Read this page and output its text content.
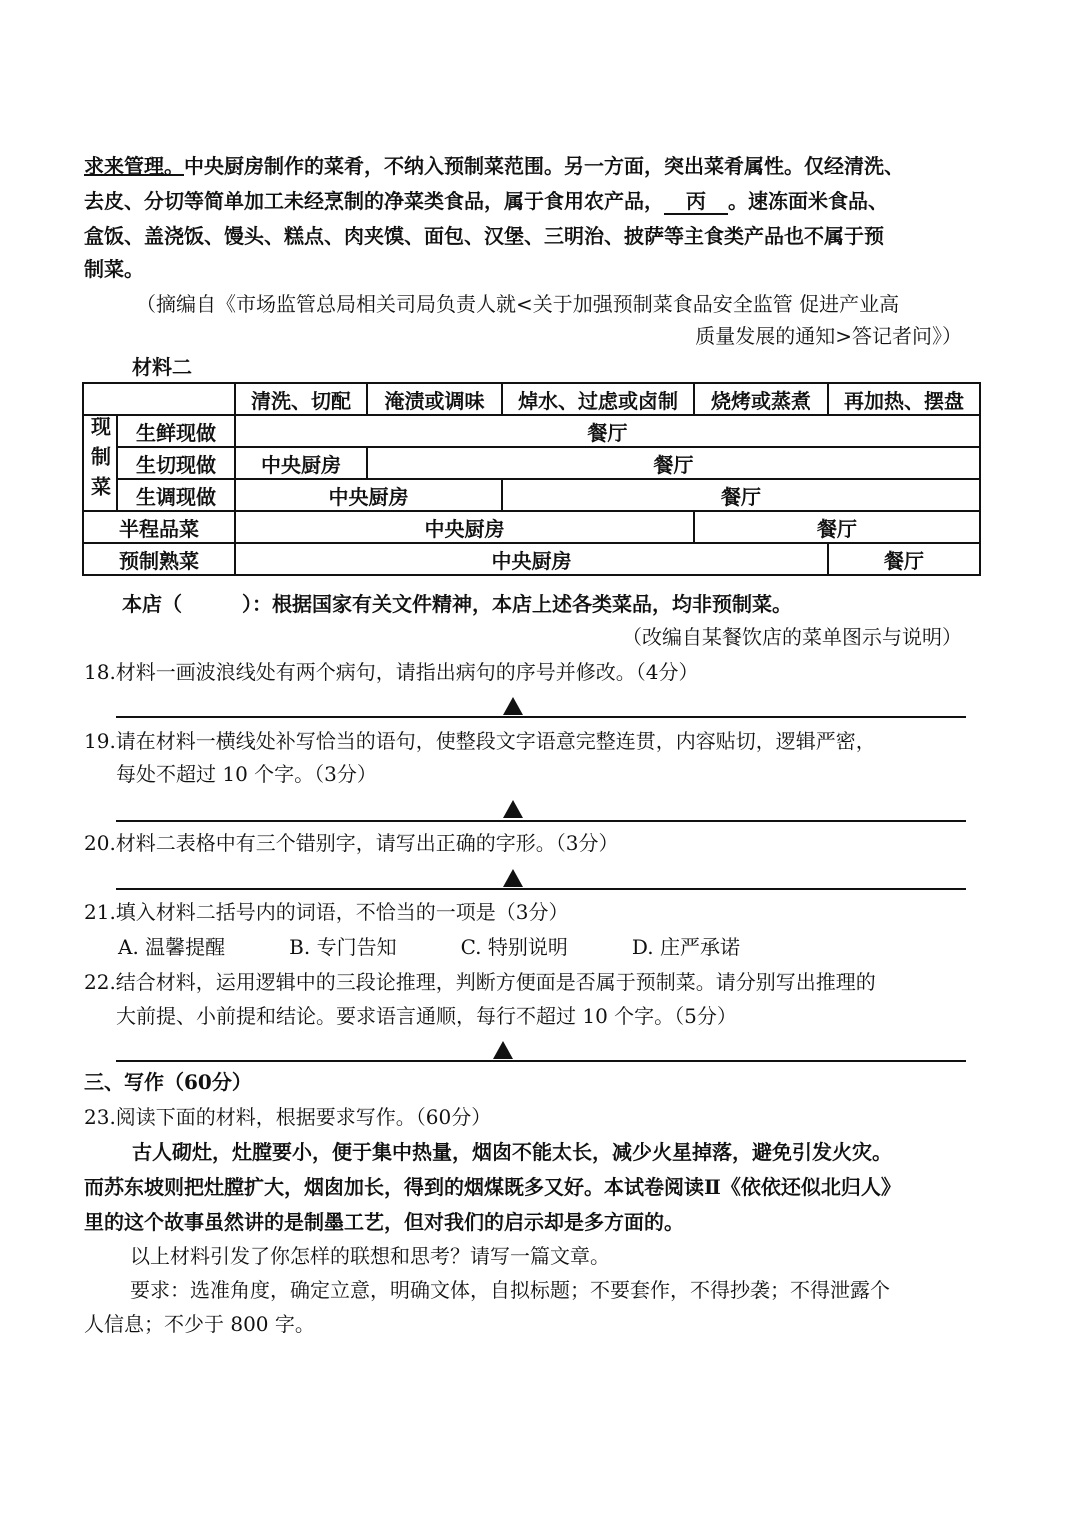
求来管理。中央厨房制作的菜肴，不纳入预制菜范围。另一方面，突出菜肴属性。仅经清洗、
去皮、分切等简单加工未经烹制的净菜类食品，属于食用农产品， 丙 。速冻面米食品、
盒饭、盖浇饭、馒头、糕点、肉夹馍、面包、汉堡、三明治、披萨等主食类产品也不属于预
制菜。
（摘编自《市场监管总局相关司局负责人就<关于加强预制菜食品安全监管 促进产业高
质量发展的通知>答记者问》）
材料二
		清洗、切配	淹渍或调味	焯水、过虑或卤制	烧烤或蒸煮	再加热、摆盘
现制菜	生鲜现做	餐厅				
	生切现做	中央厨房	餐厅			
	生调现做	中央厨房		餐厅		
半程品菜		中央厨房			餐厅	
预制熟菜		中央厨房				餐厅
本店（　　　）：根据国家有关文件精神，本店上述各类菜品，均非预制菜。
（改编自某餐饮店的菜单图示与说明）
18.材料一画波浪线处有两个病句，请指出病句的序号并修改。（4分）
19.请在材料一横线处补写恰当的语句，使整段文字语意完整连贯，内容贴切，逻辑严密，
每处不超过 10 个字。（3分）
20.材料二表格中有三个错别字，请写出正确的字形。（3分）
21.填入材料二括号内的词语，不恰当的一项是（3分）
A. 温馨提醒	B. 专门告知	C. 特别说明	D. 庄严承诺
22.结合材料，运用逻辑中的三段论推理，判断方便面是否属于预制菜。请分别写出推理的
大前提、小前提和结论。要求语言通顺，每行不超过 10 个字。（5分）
三、写作（60分）
23.阅读下面的材料，根据要求写作。（60分）
古人砌灶，灶膛要小，便于集中热量，烟囱不能太长，减少火星掉落，避免引发火灾。
而苏东坡则把灶膛扩大，烟囱加长，得到的烟煤既多又好。本试卷阅读Ⅱ《依依还似北归人》
里的这个故事虽然讲的是制墨工艺，但对我们的启示却是多方面的。
以上材料引发了你怎样的联想和思考？请写一篇文章。
要求：选准角度，确定立意，明确文体，自拟标题；不要套作，不得抄袭；不得泄露个
人信息；不少于 800 字。
